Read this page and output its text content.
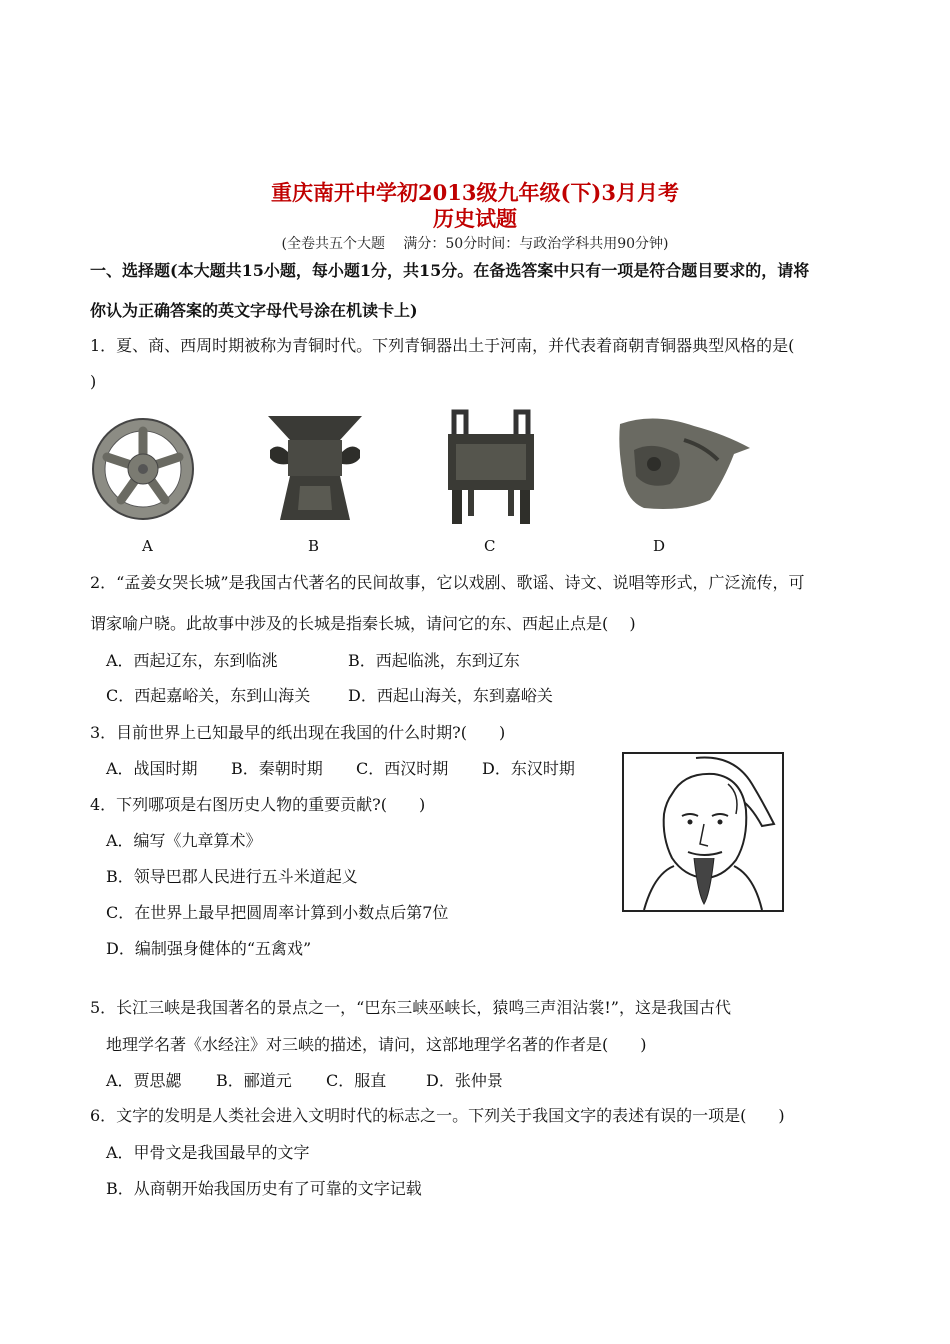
重庆南开中学初2013级九年级(下)3月月考
历史试题
(全卷共五个大题　 满分：50分时间：与政治学科共用90分钟)
一、选择题(本大题共15小题，每小题1分，共15分。在备选答案中只有一项是符合题目要求的，请将
你认为正确答案的英文字母代号涂在机读卡上)
1．夏、商、西周时期被称为青铜时代。下列青铜器出土于河南，并代表着商朝青铜器典型风格的是(
)
A	B	C	D
2．“孟姜女哭长城”是我国古代著名的民间故事，它以戏剧、歌谣、诗文、说唱等形式，广泛流传，可
谓家喻户晓。此故事中涉及的长城是指秦长城，请问它的东、西起止点是(　 )
A．西起辽东，东到临洮	B．西起临洮，东到辽东
C．西起嘉峪关，东到山海关 D．西起山海关，东到嘉峪关
3．目前世界上已知最早的纸出现在我国的什么时期?(　　)
A．战国时期 B．秦朝时期 C．西汉时期 D．东汉时期
4．下列哪项是右图历史人物的重要贡献?(　　)
A．编写《九章算术》
B．领导巴郡人民进行五斗米道起义
C．在世界上最早把圆周率计算到小数点后第7位
D．编制强身健体的“五禽戏”
5．长江三峡是我国著名的景点之一，“巴东三峡巫峡长，猿鸣三声泪沾裳!”，这是我国古代
地理学名著《水经注》对三峡的描述，请问，这部地理学名著的作者是(　　)
A．贾思勰 B．郦道元 C．服直 D．张仲景
6．文字的发明是人类社会进入文明时代的标志之一。下列关于我国文字的表述有误的一项是(　　)
A．甲骨文是我国最早的文字
B．从商朝开始我国历史有了可靠的文字记载
